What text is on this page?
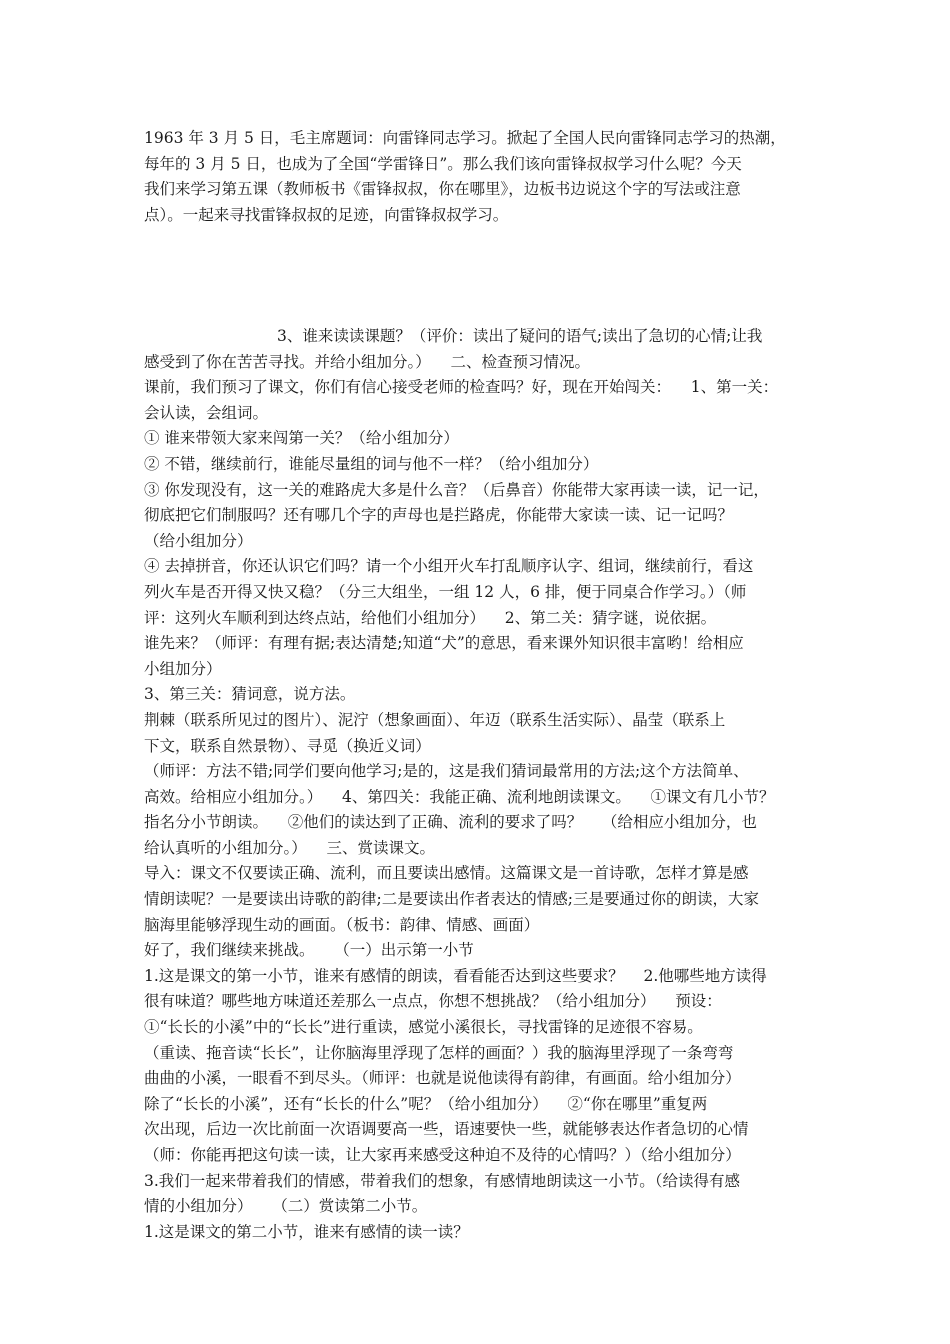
1963 年 3 月 5 日，毛主席题词：向雷锋同志学习。掀起了全国人民向雷锋同志学习的热潮，
每年的 3 月 5 日，也成为了全国“学雷锋日”。那么我们该向雷锋叔叔学习什么呢？今天
我们来学习第五课（教师板书《雷锋叔叔，你在哪里》，边板书边说这个字的写法或注意
点）。一起来寻找雷锋叔叔的足迹，向雷锋叔叔学习。
3、谁来读读课题？（评价：读出了疑问的语气;读出了急切的心情;让我
感受到了你在苦苦寻找。并给小组加分。）    二、检查预习情况。
课前，我们预习了课文，你们有信心接受老师的检查吗？好，现在开始闯关：    1、第一关：
会认读，会组词。
① 谁来带领大家来闯第一关？（给小组加分）
② 不错，继续前行，谁能尽量组的词与他不一样？（给小组加分）
③ 你发现没有，这一关的难路虎大多是什么音？（后鼻音）你能带大家再读一读，记一记，
彻底把它们制服吗？还有哪几个字的声母也是拦路虎，你能带大家读一读、记一记吗？
（给小组加分）
④ 去掉拼音，你还认识它们吗？请一个小组开火车打乱顺序认字、组词，继续前行，看这
列火车是否开得又快又稳？（分三大组坐，一组 12 人，6 排，便于同桌合作学习。）（师
评：这列火车顺利到达终点站，给他们小组加分）    2、第二关：猜字谜，说依据。
谁先来？（师评：有理有据;表达清楚;知道“犬”的意思，看来课外知识很丰富哟！给相应
小组加分）
3、第三关：猜词意，说方法。
荆棘（联系所见过的图片）、泥泞（想象画面）、年迈（联系生活实际）、晶莹（联系上
下文，联系自然景物）、寻觅（换近义词）
（师评：方法不错;同学们要向他学习;是的，这是我们猜词最常用的方法;这个方法简单、
高效。给相应小组加分。）    4、第四关：我能正确、流利地朗读课文。    ①课文有几小节？
指名分小节朗读。    ②他们的读达到了正确、流利的要求了吗？    （给相应小组加分，也
给认真听的小组加分。）    三、赏读课文。
导入：课文不仅要读正确、流利，而且要读出感情。这篇课文是一首诗歌，怎样才算是感
情朗读呢？一是要读出诗歌的韵律;二是要读出作者表达的情感;三是要通过你的朗读，大家
脑海里能够浮现生动的画面。（板书：韵律、情感、画面）
好了，我们继续来挑战。    （一）出示第一小节
1.这是课文的第一小节，谁来有感情的朗读，看看能否达到这些要求？    2.他哪些地方读得
很有味道？哪些地方味道还差那么一点点，你想不想挑战？（给小组加分）    预设：
①“长长的小溪”中的“长长”进行重读，感觉小溪很长，寻找雷锋的足迹很不容易。
（重读、拖音读“长长”，让你脑海里浮现了怎样的画面？）我的脑海里浮现了一条弯弯
曲曲的小溪，一眼看不到尽头。（师评：也就是说他读得有韵律，有画面。给小组加分）
除了“长长的小溪”，还有“长长的什么”呢？（给小组加分）    ②“你在哪里”重复两
次出现，后边一次比前面一次语调要高一些，语速要快一些，就能够表达作者急切的心情
（师：你能再把这句读一读，让大家再来感受这种迫不及待的心情吗？）（给小组加分）
3.我们一起来带着我们的情感，带着我们的想象，有感情地朗读这一小节。（给读得有感
情的小组加分）    （二）赏读第二小节。
1.这是课文的第二小节，谁来有感情的读一读？
